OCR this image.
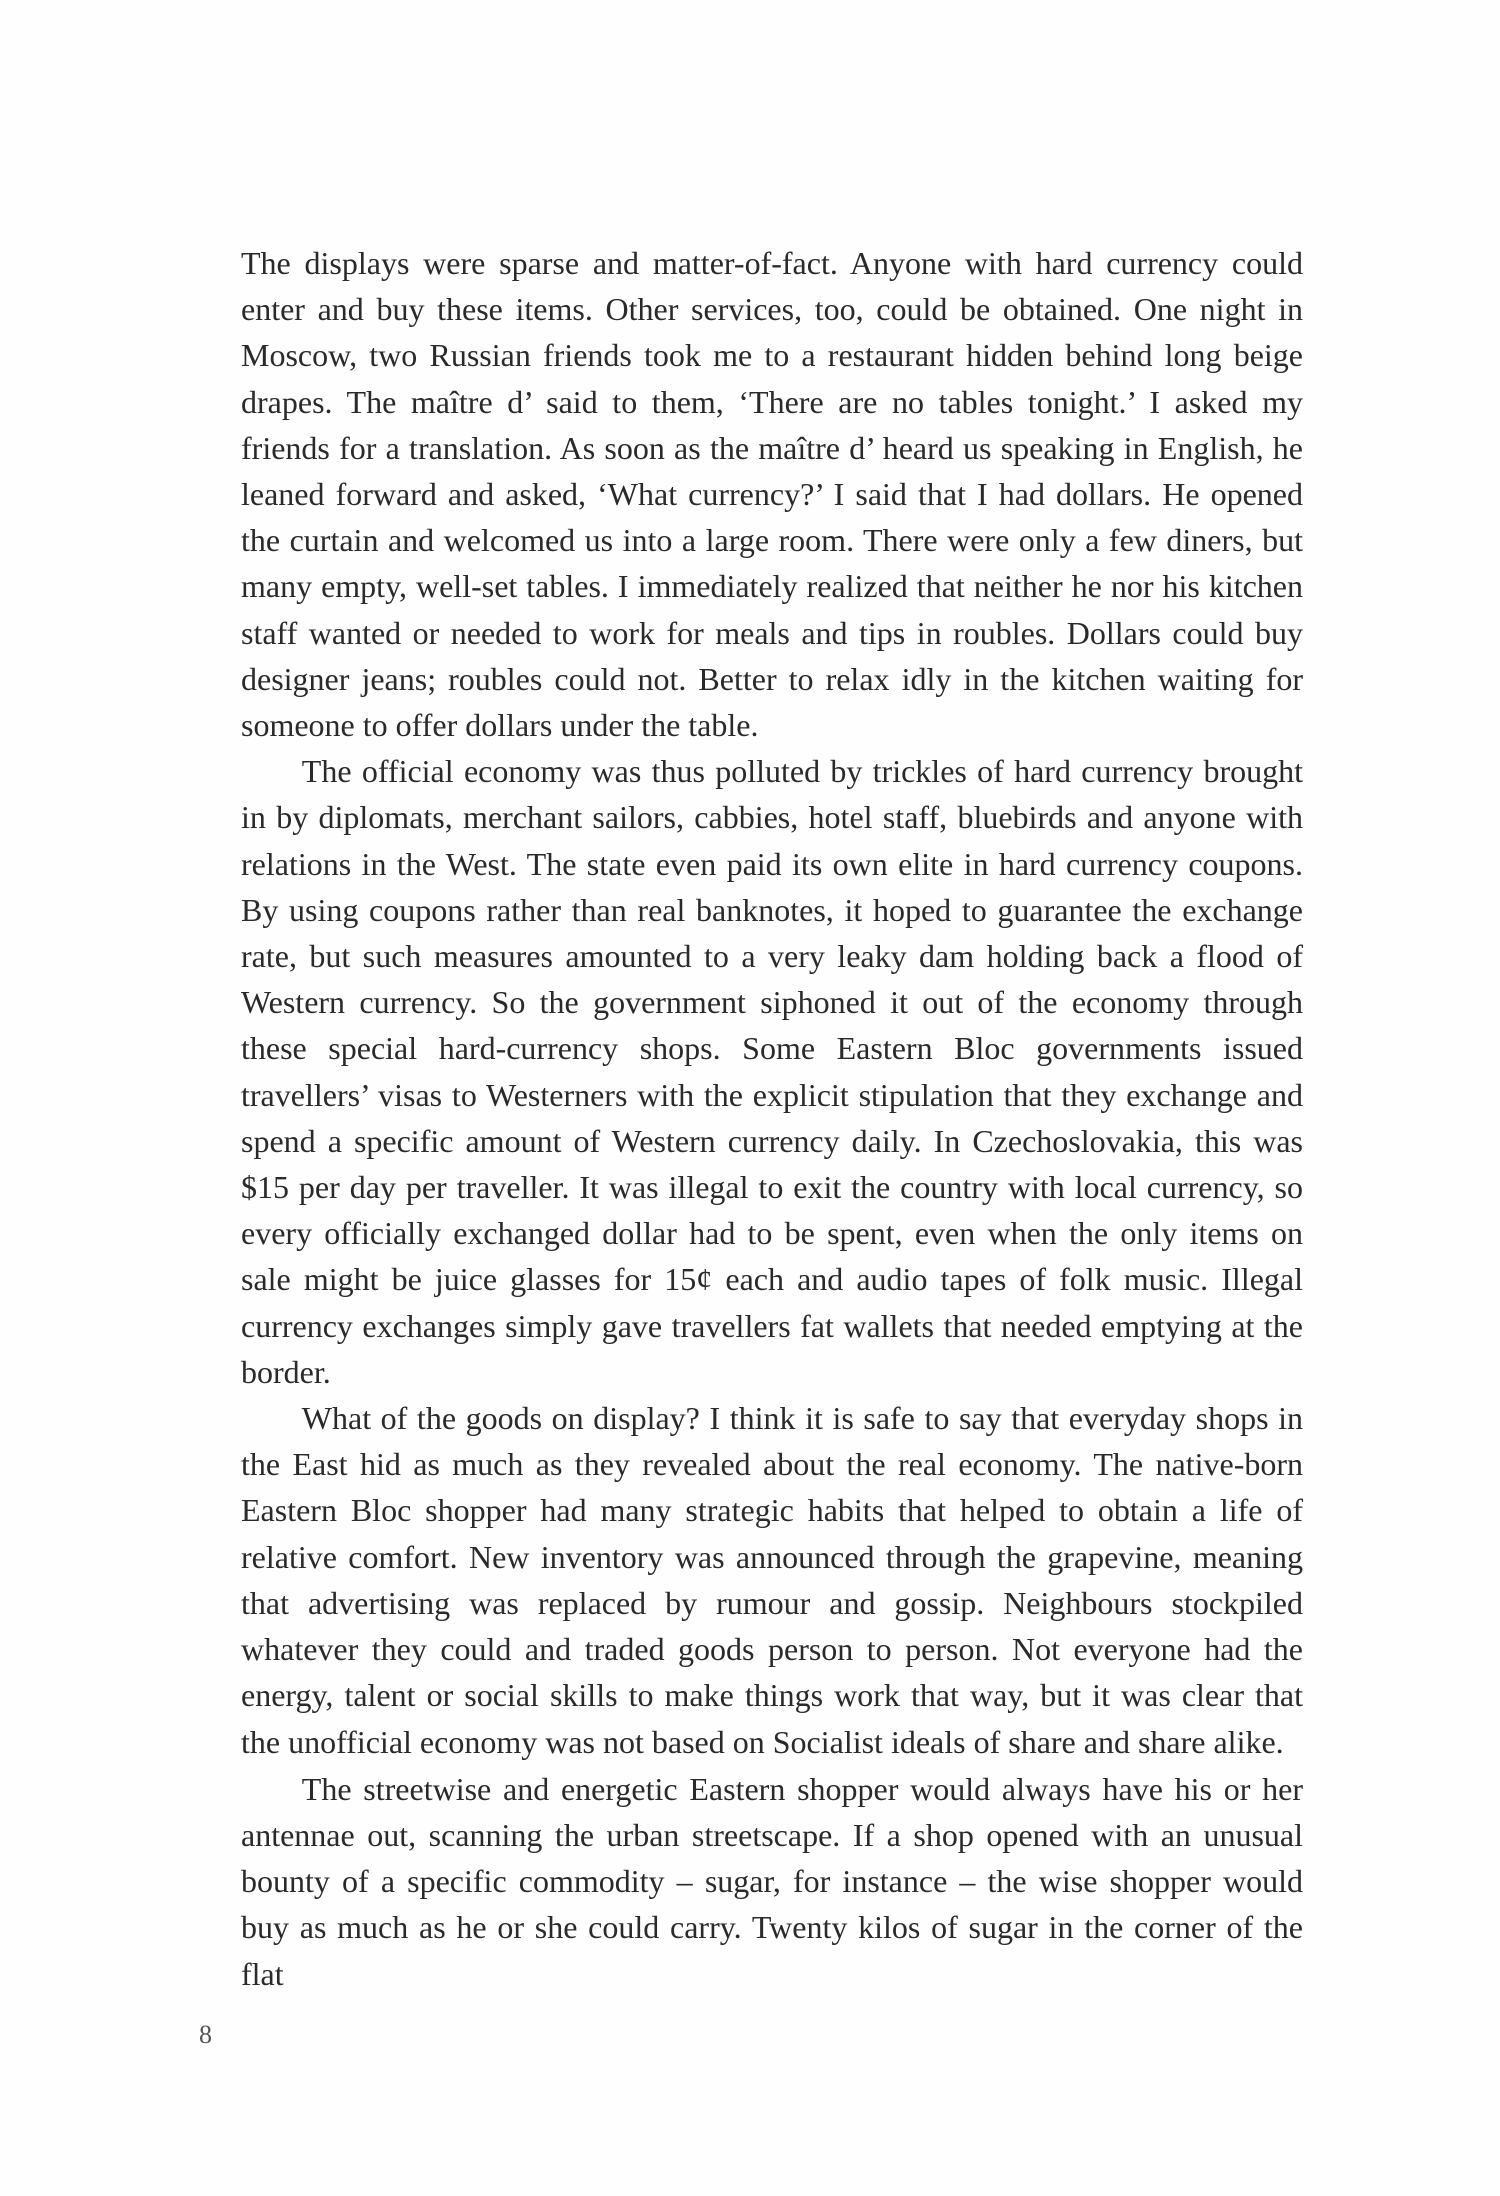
The displays were sparse and matter-of-fact. Anyone with hard currency could enter and buy these items. Other services, too, could be obtained. One night in Moscow, two Russian friends took me to a restaurant hidden behind long beige drapes. The maître d’ said to them, ‘There are no tables tonight.’ I asked my friends for a translation. As soon as the maître d’ heard us speaking in English, he leaned forward and asked, ‘What currency?’ I said that I had dollars. He opened the curtain and welcomed us into a large room. There were only a few diners, but many empty, well-set tables. I immediately realized that neither he nor his kitchen staff wanted or needed to work for meals and tips in roubles. Dollars could buy designer jeans; roubles could not. Better to relax idly in the kitchen waiting for someone to offer dollars under the table.

The official economy was thus polluted by trickles of hard currency brought in by diplomats, merchant sailors, cabbies, hotel staff, bluebirds and anyone with relations in the West. The state even paid its own elite in hard currency coupons. By using coupons rather than real banknotes, it hoped to guarantee the exchange rate, but such measures amounted to a very leaky dam holding back a flood of Western currency. So the government siphoned it out of the economy through these special hard-currency shops. Some Eastern Bloc governments issued travellers’ visas to Westerners with the explicit stipulation that they exchange and spend a specific amount of Western currency daily. In Czechoslovakia, this was $15 per day per traveller. It was illegal to exit the country with local currency, so every officially exchanged dollar had to be spent, even when the only items on sale might be juice glasses for 15¢ each and audio tapes of folk music. Illegal currency exchanges simply gave travellers fat wallets that needed emptying at the border.

What of the goods on display? I think it is safe to say that everyday shops in the East hid as much as they revealed about the real economy. The native-born Eastern Bloc shopper had many strategic habits that helped to obtain a life of relative comfort. New inventory was announced through the grapevine, meaning that advertising was replaced by rumour and gossip. Neighbours stockpiled whatever they could and traded goods person to person. Not everyone had the energy, talent or social skills to make things work that way, but it was clear that the unofficial economy was not based on Socialist ideals of share and share alike.

The streetwise and energetic Eastern shopper would always have his or her antennae out, scanning the urban streetscape. If a shop opened with an unusual bounty of a specific commodity – sugar, for instance – the wise shopper would buy as much as he or she could carry. Twenty kilos of sugar in the corner of the flat

8
